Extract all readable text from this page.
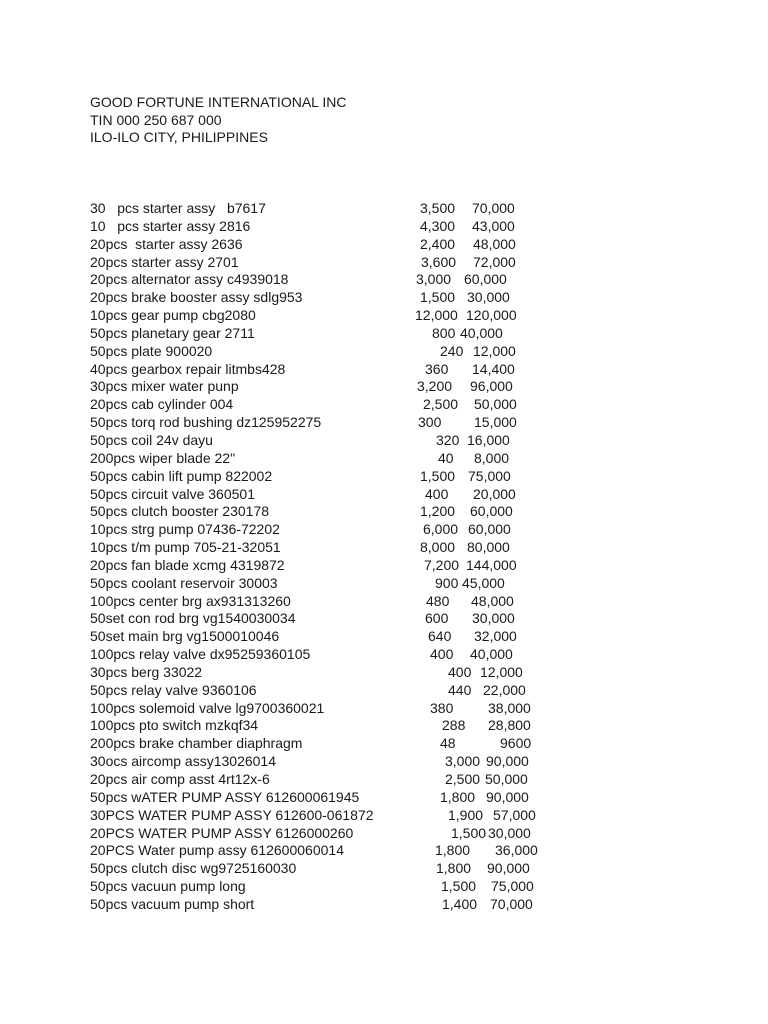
GOOD FORTUNE INTERNATIONAL INC
TIN 000 250 687 000
ILO-ILO CITY, PHILIPPINES
30   pcs starter assy   b7617	3,500 70,000
10   pcs starter assy 2816	4,300 43,000
20pcs  starter assy 2636	2,400 48,000
20pcs starter assy 2701	3,600 72,000
20pcs alternator assy c4939018	3,000 60,000
20pcs brake booster assy sdlg953	1,500 30,000
10pcs gear pump cbg2080	12,000 120,000
50pcs planetary gear 2711	800 40,000
50pcs plate 900020	240 12,000
40pcs gearbox repair litmbs428	360 14,400
30pcs mixer water punp	3,200 96,000
20pcs cab cylinder 004	2,500 50,000
50pcs torq rod bushing dz125952275	300 15,000
50pcs coil 24v dayu	320 16,000
200pcs wiper blade 22"	40 8,000
50pcs cabin lift pump 822002	1,500 75,000
50pcs circuit valve 360501	400 20,000
50pcs clutch booster 230178	1,200 60,000
10pcs strg pump 07436-72202	6,000 60,000
10pcs t/m pump 705-21-32051	8,000 80,000
20pcs fan blade xcmg 4319872	7,200 144,000
50pcs coolant reservoir 30003	900 45,000
100pcs center brg ax931313260	480 48,000
50set con rod brg vg1540030034	600 30,000
50set main brg vg1500010046	640 32,000
100pcs relay valve dx95259360105	400 40,000
30pcs berg 33022	400 12,000
50pcs relay valve 9360106	440 22,000
100pcs solemoid valve lg9700360021	380 38,000
100pcs pto switch mzkqf34	288 28,800
200pcs brake chamber diaphragm	48	9600
30ocs aircomp assy13026014	3,000 90,000
20pcs air comp asst 4rt12x-6	2,500 50,000
50pcs wATER PUMP ASSY 612600061945	1,800 90,000
30PCS WATER PUMP ASSY 612600-061872	1,900 57,000
20PCS WATER PUMP ASSY 6126000260	1,500 30,000
20PCS Water pump assy 612600060014	1,800 36,000
50pcs clutch disc wg9725160030	1,800 90,000
50pcs vacuun pump long	1,500 75,000
50pcs vacuum pump short	1,400 70,000
